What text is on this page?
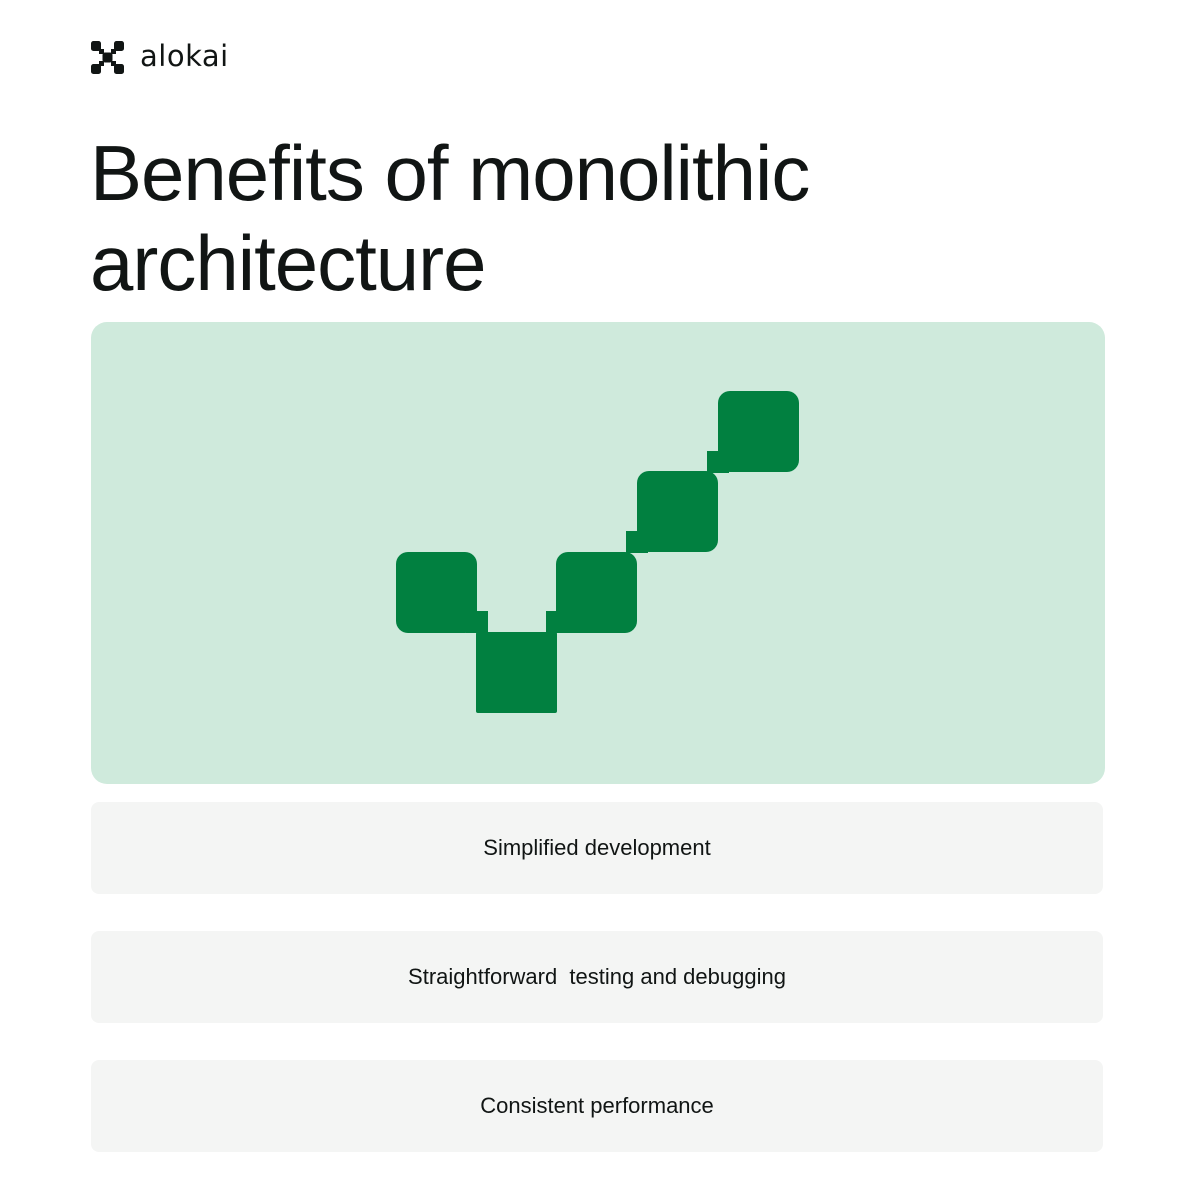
alokai
Benefits of monolithic
architecture
Simplified development
Straightforward  testing and debugging
Consistent performance
